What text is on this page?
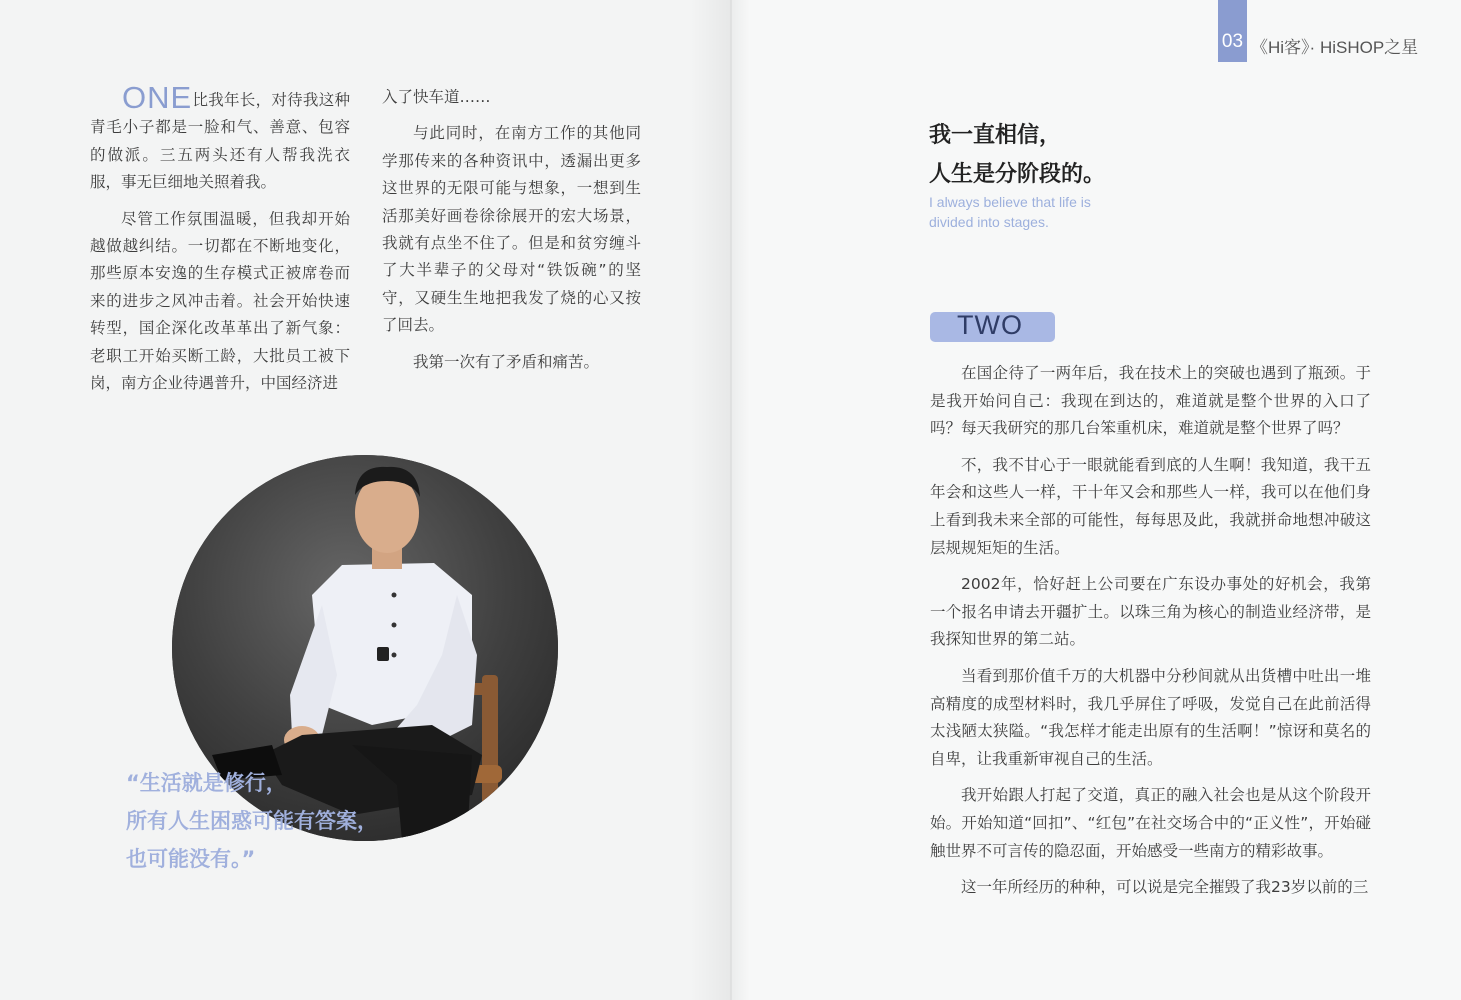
ONE比我年长，对待我这种青毛小子都是一脸和气、善意、包容的做派。三五两头还有人帮我洗衣服，事无巨细地关照着我。

尽管工作氛围温暖，但我却开始越做越纠结。一切都在不断地变化，那些原本安逸的生存模式正被席卷而来的进步之风冲击着。社会开始快速转型，国企深化改革革出了新气象：老职工开始买断工龄，大批员工被下岗，南方企业待遇普升，中国经济进

入了快车道……

与此同时，在南方工作的其他同学那传来的各种资讯中，透漏出更多这世界的无限可能与想象，一想到生活那美好画卷徐徐展开的宏大场景，我就有点坐不住了。但是和贫穷缠斗了大半辈子的父母对“铁饭碗”的坚守，又硬生生地把我发了烧的心又按了回去。

我第一次有了矛盾和痛苦。

“生活就是修行，

所有人生困惑可能有答案，

也可能没有。”

03 《Hi客》· HiSHOP之星

我一直相信，

人生是分阶段的。

I always believe that life is divided into stages.
TWO

在国企待了一两年后，我在技术上的突破也遇到了瓶颈。于是我开始问自己：我现在到达的，难道就是整个世界的入口了吗？每天我研究的那几台笨重机床，难道就是整个世界了吗？

不，我不甘心于一眼就能看到底的人生啊！我知道，我干五年会和这些人一样，干十年又会和那些人一样，我可以在他们身上看到我未来全部的可能性，每每思及此，我就拼命地想冲破这层规规矩矩的生活。

2002年，恰好赶上公司要在广东设办事处的好机会，我第一个报名申请去开疆扩土。以珠三角为核心的制造业经济带，是我探知世界的第二站。

当看到那价值千万的大机器中分秒间就从出货槽中吐出一堆高精度的成型材料时，我几乎屏住了呼吸，发觉自己在此前活得太浅陋太狭隘。“我怎样才能走出原有的生活啊！”惊讶和莫名的自卑，让我重新审视自己的生活。

我开始跟人打起了交道，真正的融入社会也是从这个阶段开始。开始知道“回扣”、“红包”在社交场合中的“正义性”，开始碰触世界不可言传的隐忍面，开始感受一些南方的精彩故事。

这一年所经历的种种，可以说是完全摧毁了我23岁以前的三
